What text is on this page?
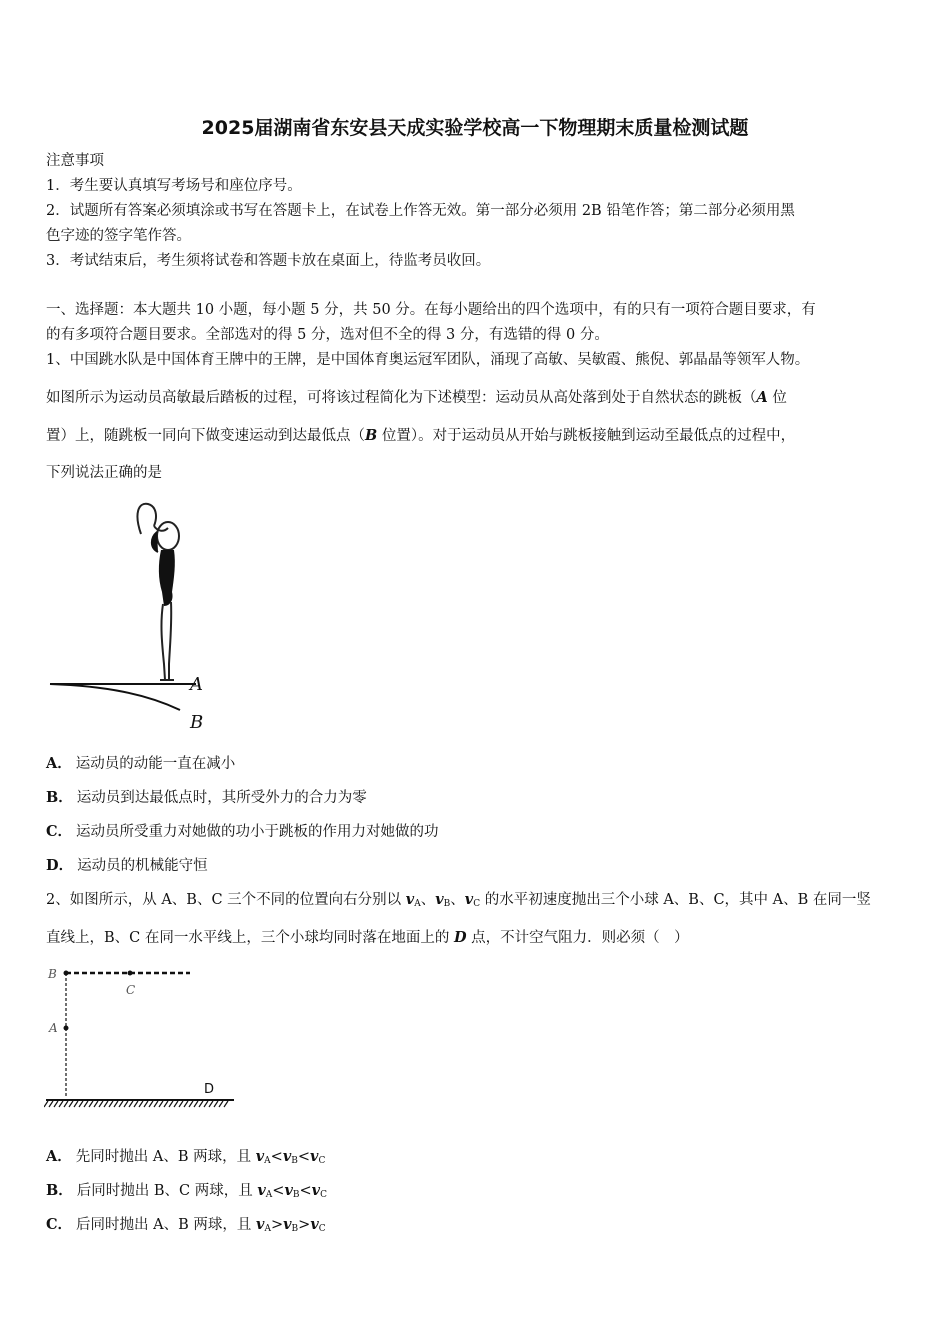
2025届湖南省东安县天成实验学校高一下物理期末质量检测试题
注意事项
1．考生要认真填写考场号和座位序号。
2．试题所有答案必须填涂或书写在答题卡上，在试卷上作答无效。第一部分必须用 2B 铅笔作答；第二部分必须用黑
色字迹的签字笔作答。
3．考试结束后，考生须将试卷和答题卡放在桌面上，待监考员收回。
一、选择题：本大题共 10 小题，每小题 5 分，共 50 分。在每小题给出的四个选项中，有的只有一项符合题目要求，有
的有多项符合题目要求。全部选对的得 5 分，选对但不全的得 3 分，有选错的得 0 分。
1、中国跳水队是中国体育王牌中的王牌，是中国体育奥运冠军团队，涌现了高敏、吴敏霞、熊倪、郭晶晶等领军人物。
如图所示为运动员高敏最后踏板的过程，可将该过程简化为下述模型：运动员从高处落到处于自然状态的跳板（A 位
置）上，随跳板一同向下做变速运动到达最低点（B 位置）。对于运动员从开始与跳板接触到运动至最低点的过程中，
下列说法正确的是
A
B
A． 运动员的动能一直在减小
B． 运动员到达最低点时，其所受外力的合力为零
C． 运动员所受重力对她做的功小于跳板的作用力对她做的功
D． 运动员的机械能守恒
2、如图所示，从 A、B、C 三个不同的位置向右分别以 $v_A$、$v_B$、$v_C$ 的水平初速度抛出三个小球 A、B、C，其中 A、B 在同一竖
直线上，B、C 在同一水平线上，三个小球均同时落在地面上的 D 点，不计空气阻力．则必须（　）
B
C
A
D
A． 先同时抛出 A、B 两球，且 $v_A<v_B<v_C$
B． 后同时抛出 B、C 两球，且 $v_A<v_B<v_C$
C． 后同时抛出 A、B 两球，且 $v_A>v_B>v_C$
